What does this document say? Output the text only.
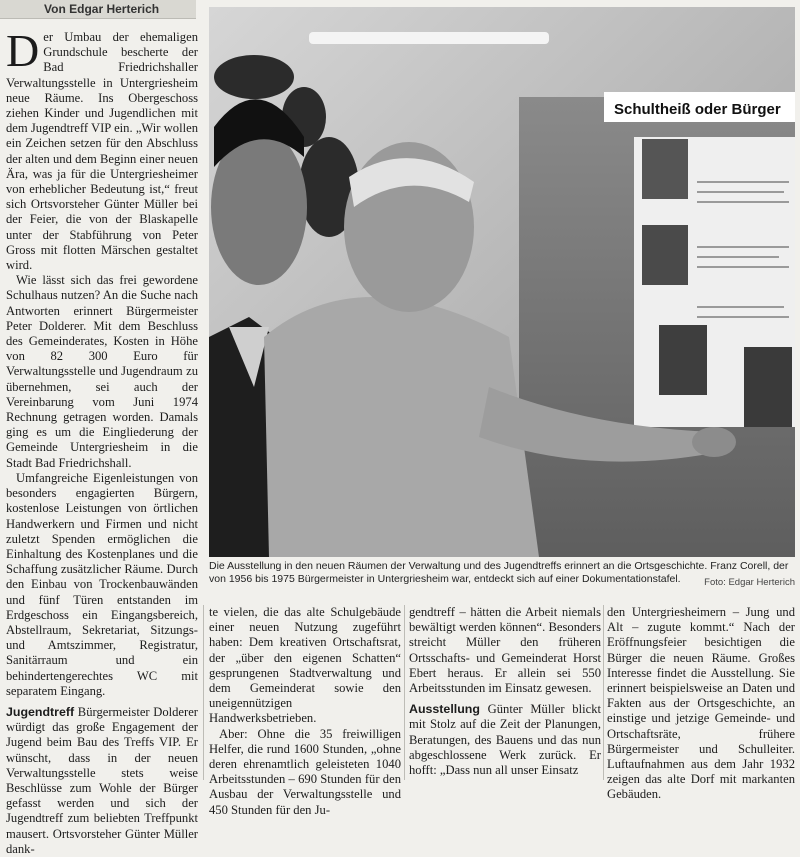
Von Edgar Herterich

Der Umbau der ehemaligen Grundschule bescherte der Bad Friedrichshaller Verwaltungsstelle in Untergriesheim neue Räume. Ins Obergeschoss ziehen Kinder und Jugendlichen mit dem Jugendtreff VIP ein. „Wir wollen ein Zeichen setzen für den Abschluss der alten und dem Beginn einer neuen Ära, was ja für die Untergriesheimer von erheblicher Bedeutung ist,“ freut sich Ortsvorsteher Günter Müller bei der Feier, die von der Blaskapelle unter der Stabführung von Peter Gross mit flotten Märschen gestaltet wird.

Wie lässt sich das frei gewordene Schulhaus nutzen? An die Suche nach Antworten erinnert Bürgermeister Peter Dolderer. Mit dem Beschluss des Gemeinderates, Kosten in Höhe von 82 300 Euro für Verwaltungsstelle und Jugendraum zu übernehmen, sei auch der Vereinbarung vom Juni 1974 Rechnung getragen worden. Damals ging es um die Eingliederung der Gemeinde Untergriesheim in die Stadt Bad Friedrichshall.

Umfangreiche Eigenleistungen von besonders engagierten Bürgern, kostenlose Leistungen von örtlichen Handwerkern und Firmen und nicht zuletzt Spenden ermöglichen die Einhaltung des Kostenplanes und die Schaffung zusätzlicher Räume. Durch den Einbau von Trockenbauwänden und fünf Türen entstanden im Erdgeschoss ein Eingangsbereich, Abstellraum, Sekretariat, Sitzungs- und Amtszimmer, Registratur, Sanitärraum und ein behindertengerechtes WC mit separatem Eingang.

Jugendtreff Bürgermeister Dolderer würdigt das große Engagement der Jugend beim Bau des Treffs VIP. Er wünscht, dass in der neuen Verwaltungsstelle stets weise Beschlüsse zum Wohle der Bürger gefasst werden und sich der Jugendtreff zum beliebten Treffpunkt mausert. Ortsvorsteher Günter Müller dank-

te vielen, die das alte Schulgebäude einer neuen Nutzung zugeführt haben: Dem kreativen Ortschaftsrat, der „über den eigenen Schatten“ gesprungenen Stadtverwaltung und dem Gemeinderat sowie den uneigennützigen Handwerksbetrieben.

Aber: Ohne die 35 freiwilligen Helfer, die rund 1600 Stunden, „ohne deren ehrenamtlich geleisteten 1040 Arbeitsstunden – 690 Stunden für den Ausbau der Verwaltungsstelle und 450 Stunden für den Ju-

gendtreff – hätten die Arbeit niemals bewältigt werden können“. Besonders streicht Müller den früheren Ortsschafts- und Gemeinderat Horst Ebert heraus. Er allein sei 550 Arbeitsstunden im Einsatz gewesen.

Ausstellung Günter Müller blickt mit Stolz auf die Zeit der Planungen, Beratungen, des Bauens und das nun abgeschlossene Werk zurück. Er hofft: „Dass nun all unser Einsatz

den Untergriesheimern – Jung und Alt – zugute kommt.“ Nach der Eröffnungsfeier besichtigen die Bürger die neuen Räume. Großes Interesse findet die Ausstellung. Sie erinnert beispielsweise an Daten und Fakten aus der Ortsgeschichte, an einstige und jetzige Gemeinde- und Ortschaftsräte, frühere Bürgermeister und Schulleiter. Luftaufnahmen aus dem Jahr 1932 zeigen das alte Dorf mit markanten Gebäuden.

Schultheiß oder Bürger
Die Ausstellung in den neuen Räumen der Verwaltung und des Jugendtreffs erinnert an die Ortsgeschichte. Franz Corell, der von 1956 bis 1975 Bürgermeister in Untergriesheim war, entdeckt sich auf einer Dokumentationstafel.	Foto: Edgar Herterich
